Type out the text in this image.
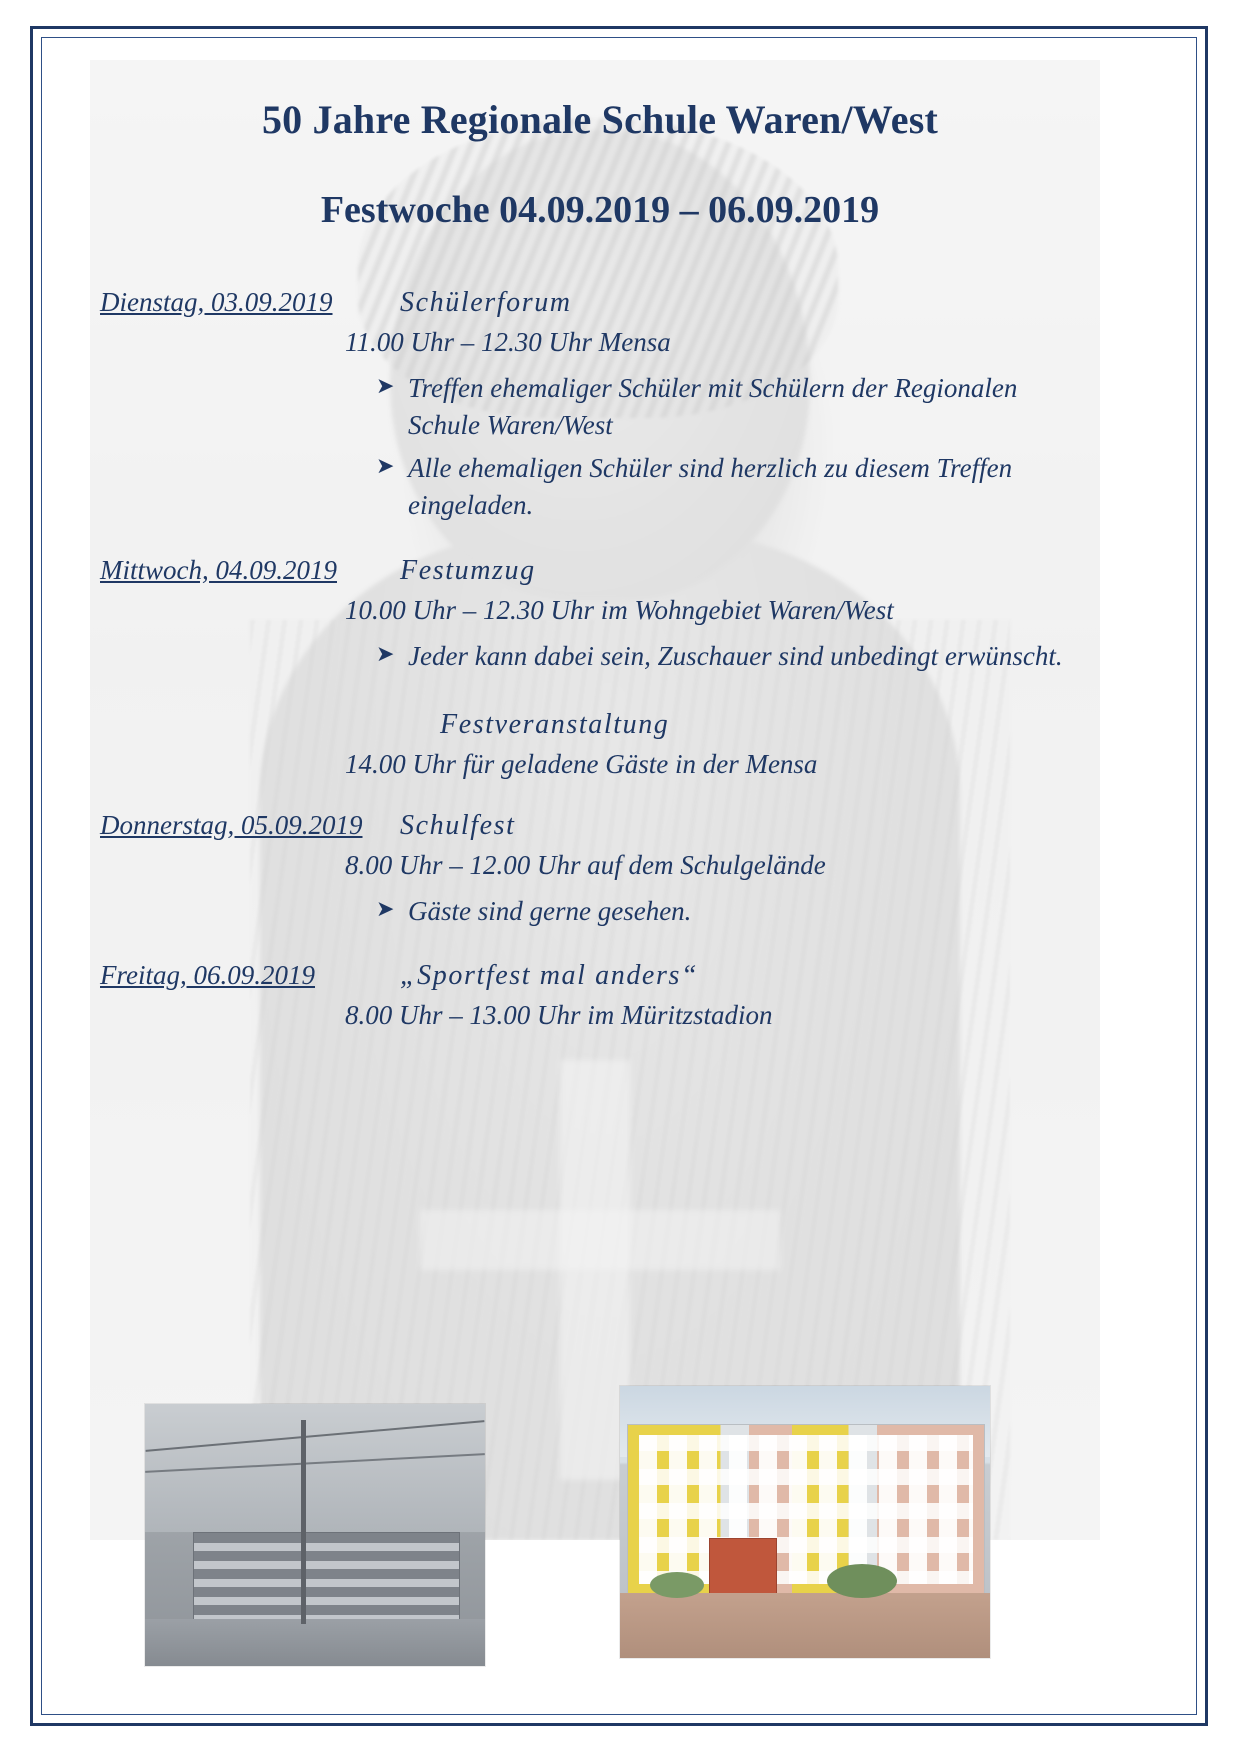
50 Jahre Regionale Schule Waren/West
Festwoche 04.09.2019 – 06.09.2019
Dienstag, 03.09.2019	Schülerforum
11.00 Uhr – 12.30 Uhr Mensa
➤ Treffen ehemaliger Schüler mit Schülern der Regionalen Schule Waren/West
➤ Alle ehemaligen Schüler sind herzlich zu diesem Treffen eingeladen.
Mittwoch, 04.09.2019	Festumzug
10.00 Uhr – 12.30 Uhr im Wohngebiet Waren/West
➤ Jeder kann dabei sein, Zuschauer sind unbedingt erwünscht.
Festveranstaltung
14.00 Uhr für geladene Gäste in der Mensa
Donnerstag, 05.09.2019	Schulfest
8.00 Uhr – 12.00 Uhr auf dem Schulgelände
➤ Gäste sind gerne gesehen.
Freitag, 06.09.2019	„Sportfest mal anders“
8.00 Uhr – 13.00 Uhr im Müritzstadion
